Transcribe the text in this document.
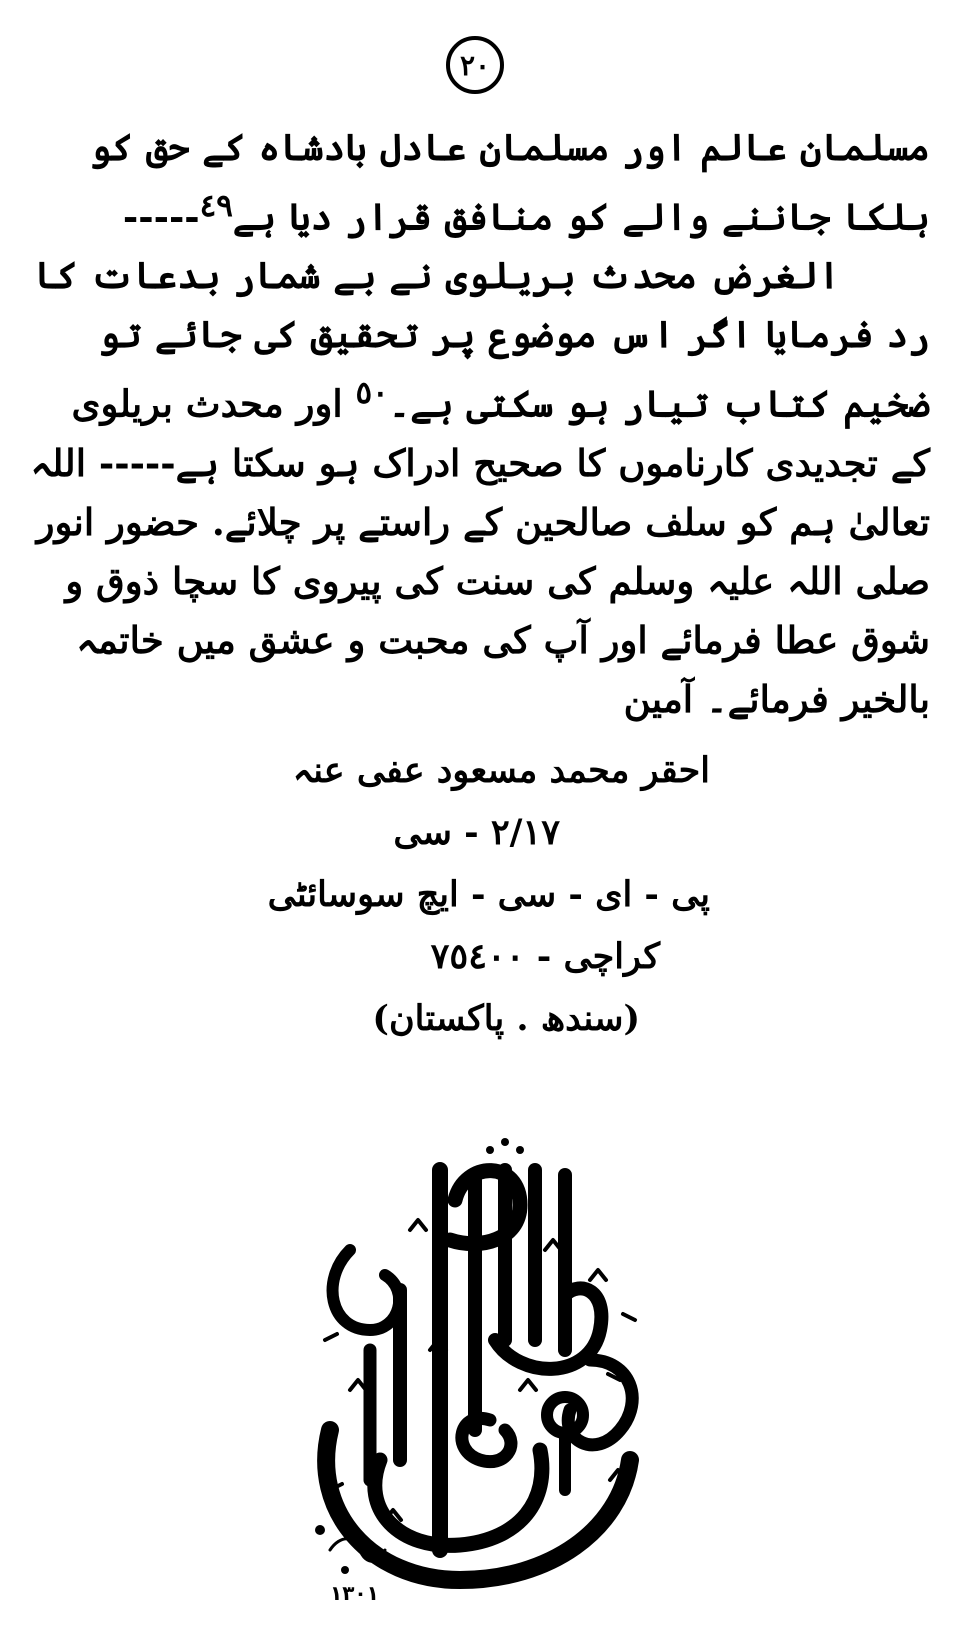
٢٠

مسلمان عالم اور مسلمان عادل بادشاہ کے حق کو ہلکا جاننے والے کو منافق قرار دیا ہے$^{٤٩}$-----

الغرض محدث بریلوی نے بے شمار بدعات کا رد فرمایا اگر اس موضوع پر تحقیق کی جائے تو ضخیم کتاب تیار ہو سکتی ہے۔$^{٥٠}$ اور محدث بریلوی کے تجدیدی کارناموں کا صحیح ادراک ہو سکتا ہے----- اللہ تعالیٰ ہم کو سلف صالحین کے راستے پر چلائے. حضور انور صلی اللہ علیہ وسلم کی سنت کی پیروی کا سچا ذوق و شوق عطا فرمائے اور آپ کی محبت و عشق میں خاتمہ بالخیر فرمائے۔ آمین

احقر محمد مسعود عفی عنہ
٢/١٧ - سی
پی - ای - سی - ایچ سوسائٹی
کراچی - ٧٥٤٠٠
(سندھ . پاکستان)
١٣٠١
